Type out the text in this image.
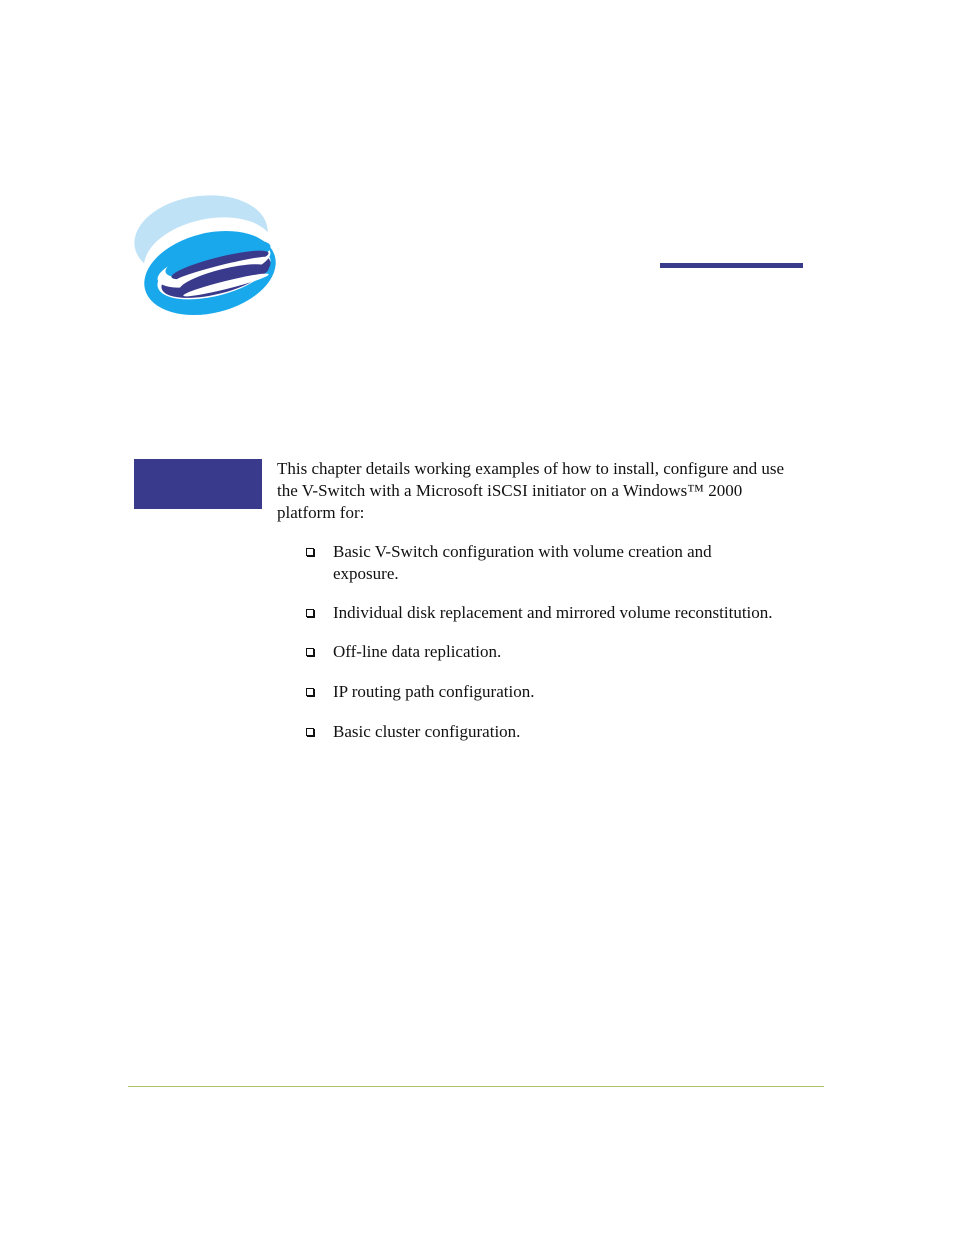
This chapter details working examples of how to install, configure and use the V-Switch with a Microsoft iSCSI initiator on a Windows™ 2000 platform for:

Basic V-Switch configuration with volume creation and exposure.
Individual disk replacement and mirrored volume reconstitution.
Off-line data replication.
IP routing path configuration.
Basic cluster configuration.
